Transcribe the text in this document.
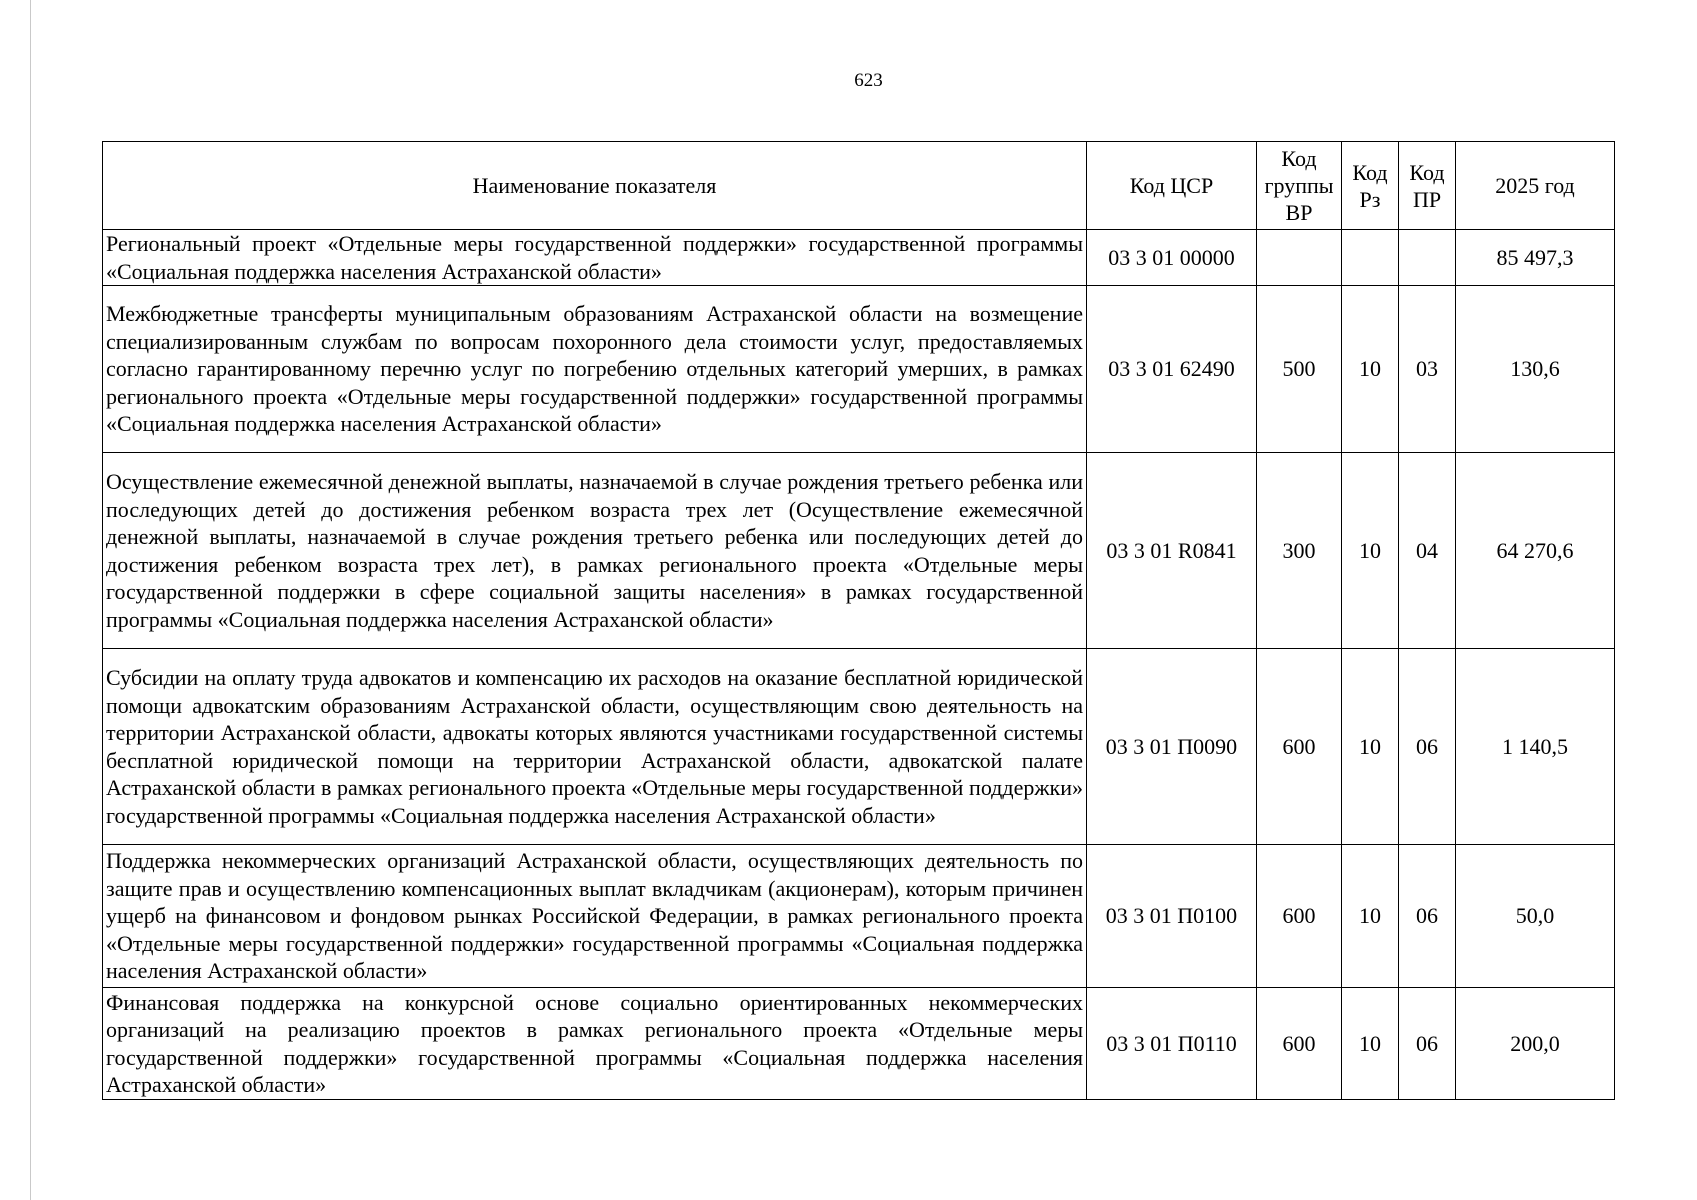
623
Наименование показателя	Код ЦСР	Код группы ВР	Код Рз	Код ПР	2025 год
Региональный проект «Отдельные меры государственной поддержки» государственной программы «Социальная поддержка населения Астраханской области»	03 3 01 00000				85 497,3
Межбюджетные трансферты муниципальным образованиям Астраханской области на возмещение специализированным службам по вопросам похоронного дела стоимости услуг, предоставляемых согласно гарантированному перечню услуг по погребению отдельных категорий умерших, в рамках регионального проекта «Отдельные меры государственной поддержки» государственной программы «Социальная поддержка населения Астраханской области»	03 3 01 62490	500	10	03	130,6
Осуществление ежемесячной денежной выплаты, назначаемой в случае рождения третьего ребенка или последующих детей до достижения ребенком возраста трех лет (Осуществление ежемесячной денежной выплаты, назначаемой в случае рождения третьего ребенка или последующих детей до достижения ребенком возраста трех лет), в рамках регионального проекта «Отдельные меры государственной поддержки в сфере социальной защиты населения» в рамках государственной программы «Социальная поддержка населения Астраханской области»	03 3 01 R0841	300	10	04	64 270,6
Субсидии на оплату труда адвокатов и компенсацию их расходов на оказание бесплатной юридической помощи адвокатским образованиям Астраханской области, осуществляющим свою деятельность на территории Астраханской области, адвокаты которых являются участниками государственной системы бесплатной юридической помощи на территории Астраханской области, адвокатской палате Астраханской области в рамках регионального проекта «Отдельные меры государственной поддержки» государственной программы «Социальная поддержка населения Астраханской области»	03 3 01 П0090	600	10	06	1 140,5
Поддержка некоммерческих организаций Астраханской области, осуществляющих деятельность по защите прав и осуществлению компенсационных выплат вкладчикам (акционерам), которым причинен ущерб на финансовом и фондовом рынках Российской Федерации, в рамках регионального проекта «Отдельные меры государственной поддержки» государственной программы «Социальная поддержка населения Астраханской области»	03 3 01 П0100	600	10	06	50,0
Финансовая поддержка на конкурсной основе социально ориентированных некоммерческих организаций на реализацию проектов в рамках регионального проекта «Отдельные меры государственной поддержки» государственной программы «Социальная поддержка населения Астраханской области»	03 3 01 П0110	600	10	06	200,0
